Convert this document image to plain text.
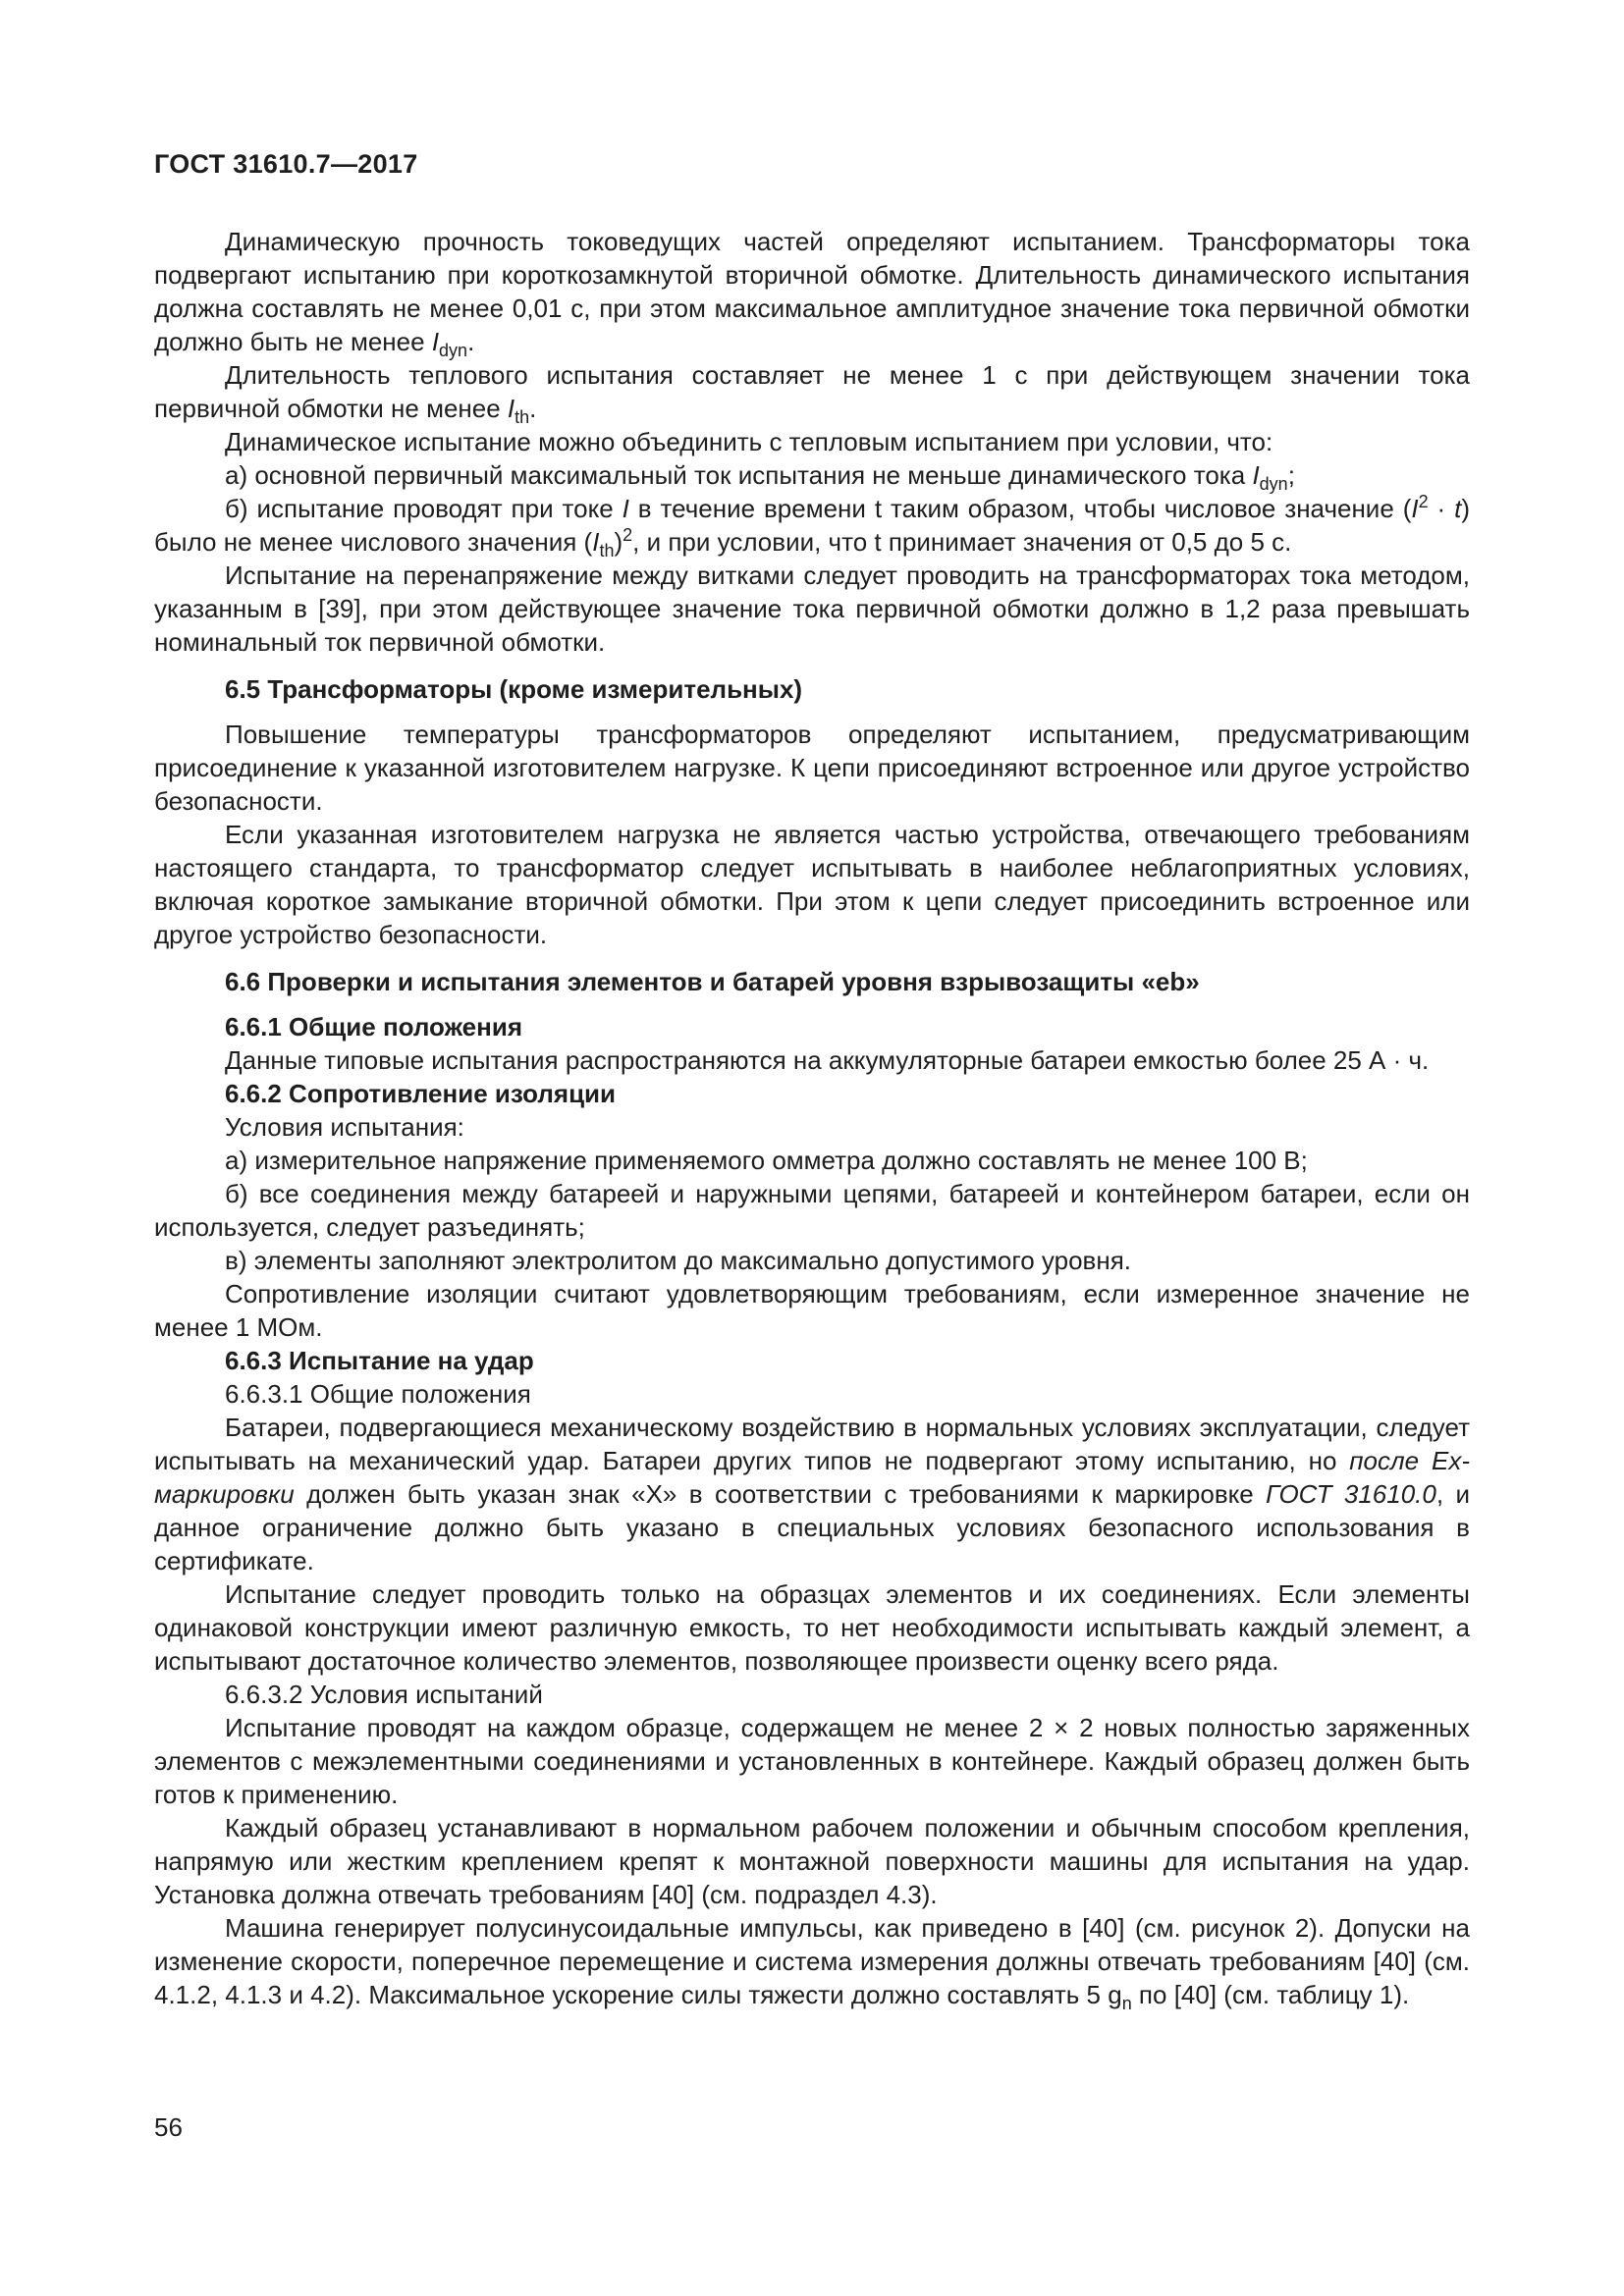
ГОСТ 31610.7—2017

Динамическую прочность токоведущих частей определяют испытанием. Трансформаторы тока подвергают испытанию при короткозамкнутой вторичной обмотке. Длительность динамического испытания должна составлять не менее 0,01 с, при этом максимальное амплитудное значение тока первичной обмотки должно быть не менее $I_{dyn}$.

Длительность теплового испытания составляет не менее 1 с при действующем значении тока первичной обмотки не менее $I_{th}$.

Динамическое испытание можно объединить с тепловым испытанием при условии, что:

а) основной первичный максимальный ток испытания не меньше динамического тока $I_{dyn}$;

б) испытание проводят при токе I в течение времени t таким образом, чтобы числовое значение $(I^2 \cdot t)$ было не менее числового значения $(I_{th})^2$, и при условии, что t принимает значения от 0,5 до 5 с.

Испытание на перенапряжение между витками следует проводить на трансформаторах тока методом, указанным в [39], при этом действующее значение тока первичной обмотки должно в 1,2 раза превышать номинальный ток первичной обмотки.

6.5 Трансформаторы (кроме измерительных)

Повышение температуры трансформаторов определяют испытанием, предусматривающим присоединение к указанной изготовителем нагрузке. К цепи присоединяют встроенное или другое устройство безопасности.

Если указанная изготовителем нагрузка не является частью устройства, отвечающего требованиям настоящего стандарта, то трансформатор следует испытывать в наиболее неблагоприятных условиях, включая короткое замыкание вторичной обмотки. При этом к цепи следует присоединить встроенное или другое устройство безопасности.

6.6 Проверки и испытания элементов и батарей уровня взрывозащиты «eb»

6.6.1 Общие положения

Данные типовые испытания распространяются на аккумуляторные батареи емкостью более 25 А · ч.

6.6.2 Сопротивление изоляции

Условия испытания:

а) измерительное напряжение применяемого омметра должно составлять не менее 100 В;

б) все соединения между батареей и наружными цепями, батареей и контейнером батареи, если он используется, следует разъединять;

в) элементы заполняют электролитом до максимально допустимого уровня.

Сопротивление изоляции считают удовлетворяющим требованиям, если измеренное значение не менее 1 МОм.

6.6.3 Испытание на удар

6.6.3.1 Общие положения

Батареи, подвергающиеся механическому воздействию в нормальных условиях эксплуатации, следует испытывать на механический удар. Батареи других типов не подвергают этому испытанию, но после Ex-маркировки должен быть указан знак «X» в соответствии с требованиями к маркировке ГОСТ 31610.0, и данное ограничение должно быть указано в специальных условиях безопасного использования в сертификате.

Испытание следует проводить только на образцах элементов и их соединениях. Если элементы одинаковой конструкции имеют различную емкость, то нет необходимости испытывать каждый элемент, а испытывают достаточное количество элементов, позволяющее произвести оценку всего ряда.

6.6.3.2 Условия испытаний

Испытание проводят на каждом образце, содержащем не менее 2 × 2 новых полностью заряженных элементов с межэлементными соединениями и установленных в контейнере. Каждый образец должен быть готов к применению.

Каждый образец устанавливают в нормальном рабочем положении и обычным способом крепления, напрямую или жестким креплением крепят к монтажной поверхности машины для испытания на удар. Установка должна отвечать требованиям [40] (см. подраздел 4.3).

Машина генерирует полусинусоидальные импульсы, как приведено в [40] (см. рисунок 2). Допуски на изменение скорости, поперечное перемещение и система измерения должны отвечать требованиям [40] (см. 4.1.2, 4.1.3 и 4.2). Максимальное ускорение силы тяжести должно составлять 5 $g_n$ по [40] (см. таблицу 1).

56
